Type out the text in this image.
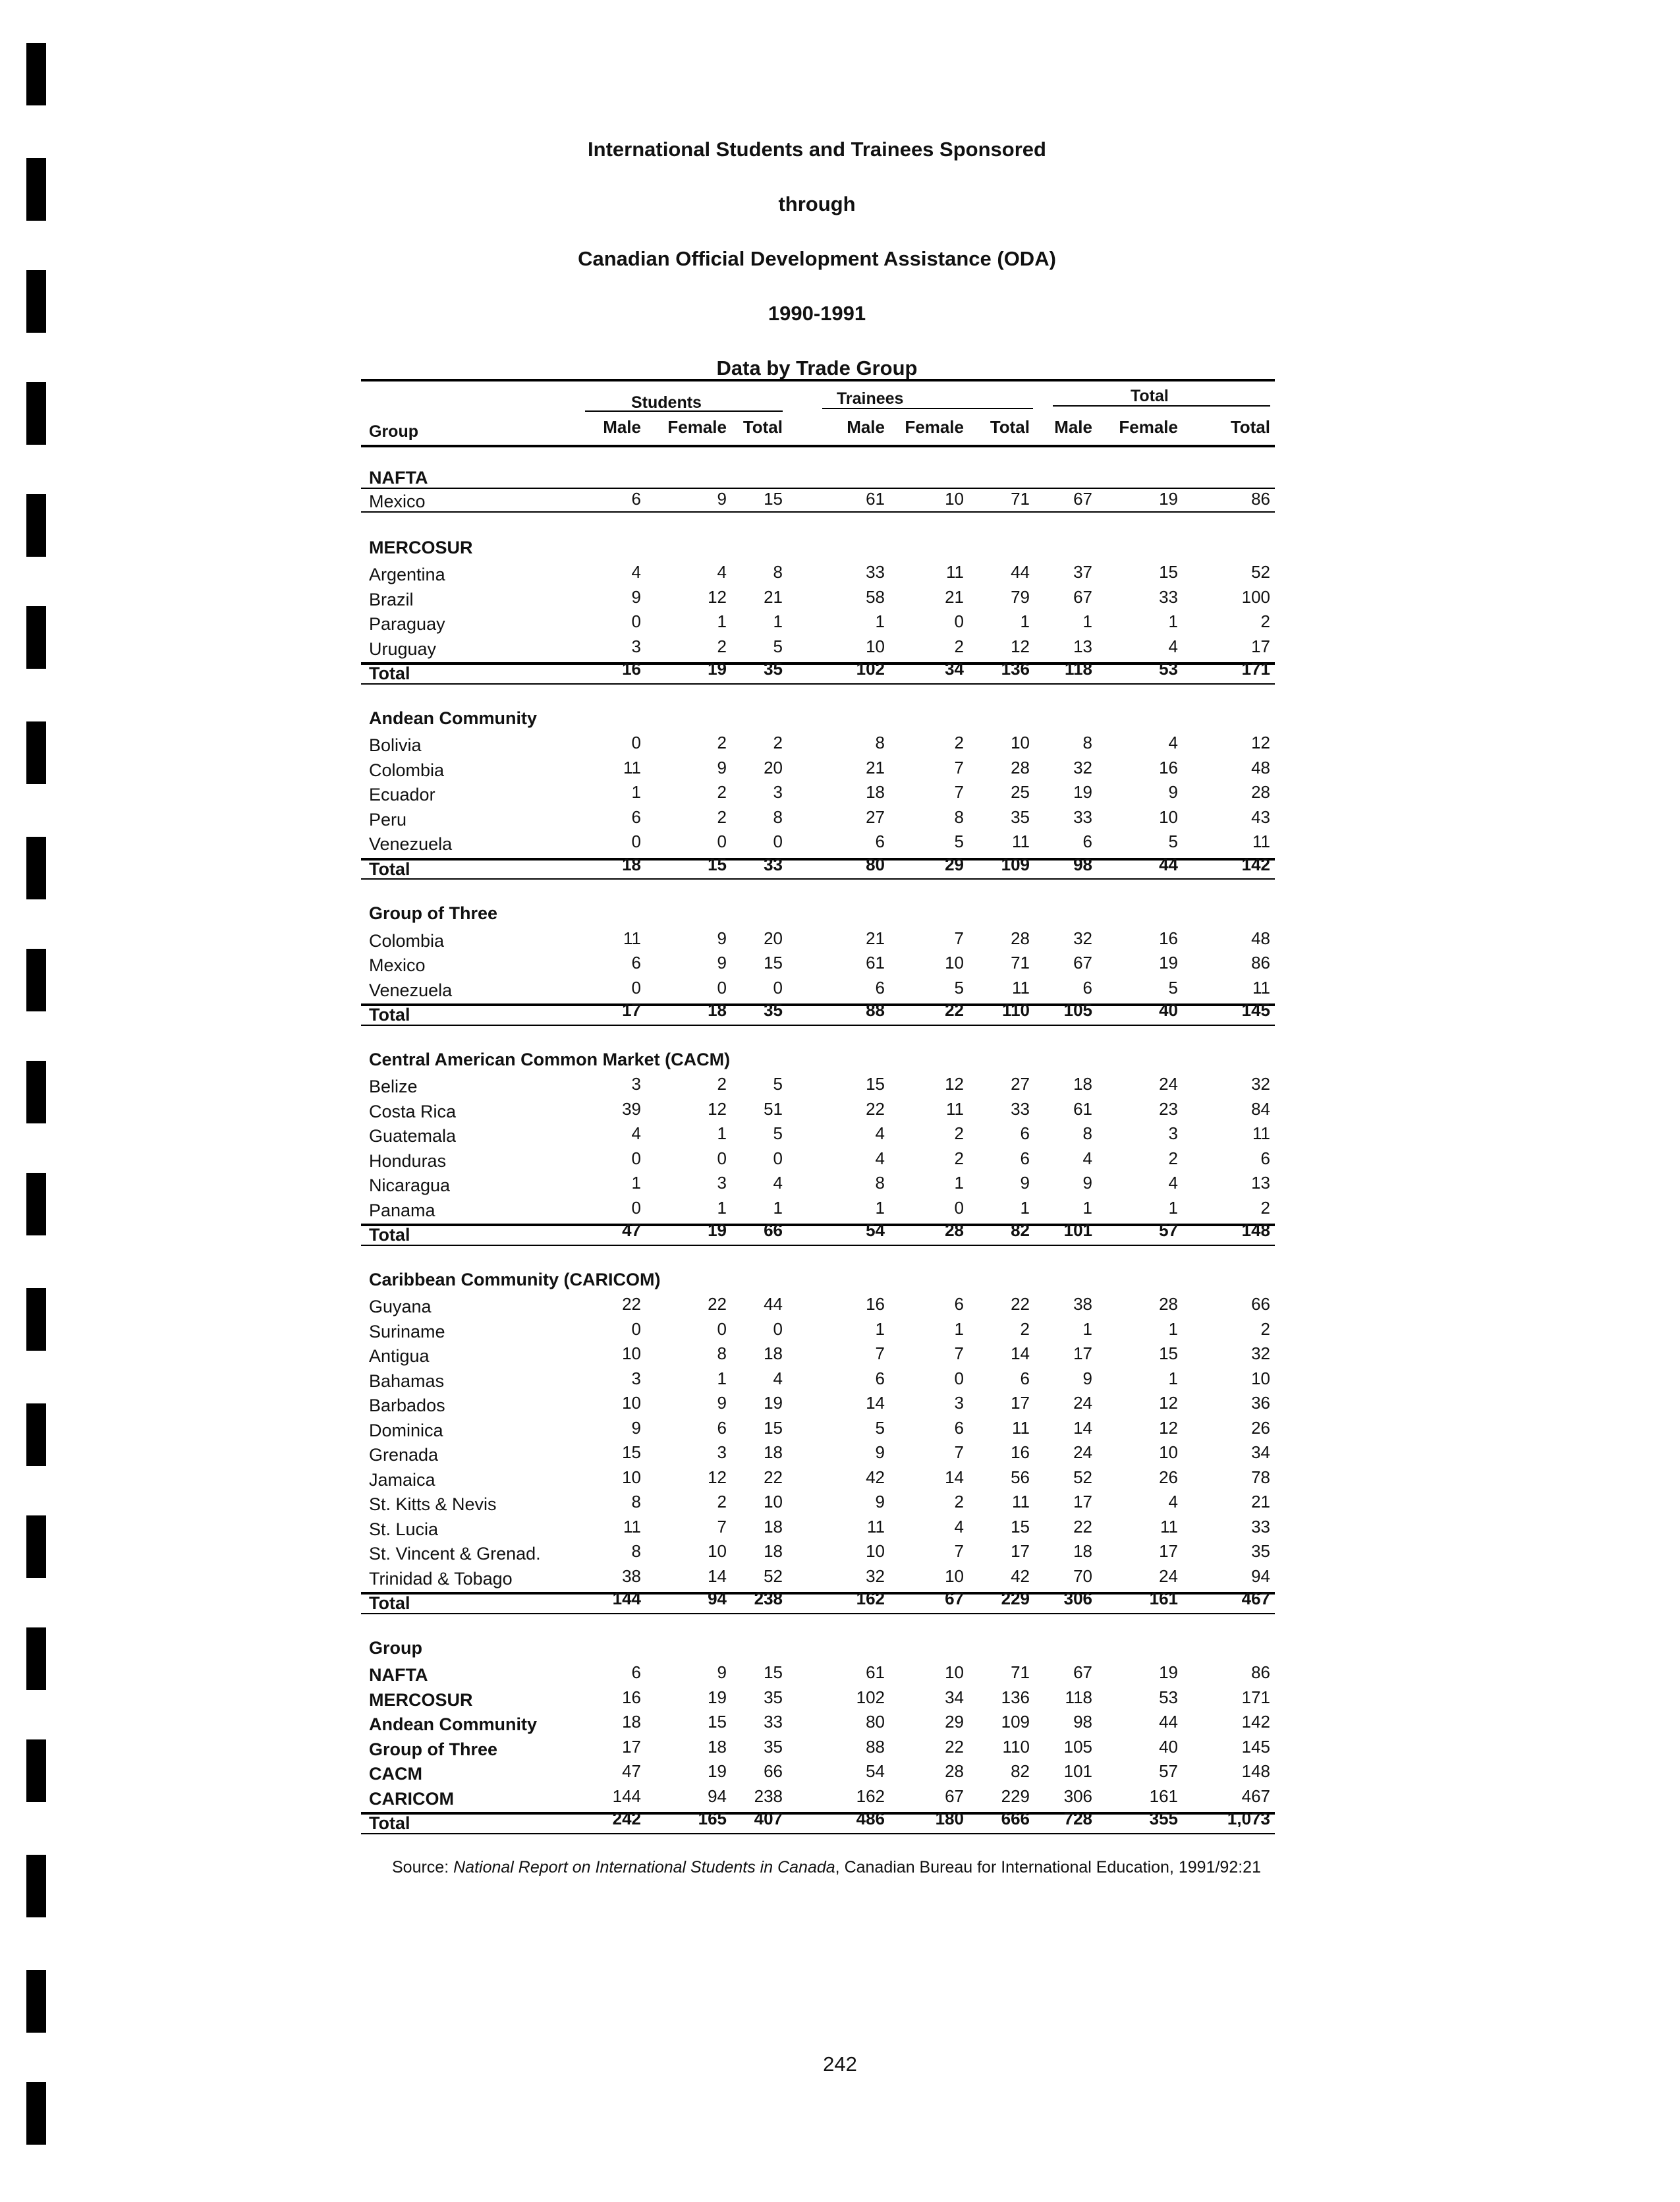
International Students and Trainees Sponsored
through
Canadian Official Development Assistance (ODA)
1990-1991
Data by Trade Group
Students	Trainees	Total
Group	Male Female Total	Male Female	Total	Male Female	Total
NAFTA
Mexico	6	9	15	61	10	71	67	19	86
MERCOSUR
Argentina	4	4	8	33	11	44	37	15	52
Brazil	9	12	21	58	21	79	67	33	100
Paraguay	0	1	1	1	0	1	1	1	2
Uruguay	3	2	5	10	2	12	13	4	17
Total	16	19	35	102	34	136	118	53	171
Andean Community
Bolivia	0	2	2	8	2	10	8	4	12
Colombia	11	9	20	21	7	28	32	16	48
Ecuador	1	2	3	18	7	25	19	9	28
Peru	6	2	8	27	8	35	33	10	43
Venezuela	0	0	0	6	5	11	6	5	11
Total	18	15	33	80	29	109	98	44	142
Group of Three
Colombia	11	9	20	21	7	28	32	16	48
Mexico	6	9	15	61	10	71	67	19	86
Venezuela	0	0	0	6	5	11	6	5	11
Total	17	18	35	88	22	110	105	40	145
Central American Common Market (CACM)
Belize	3	2	5	15	12	27	18	24	32
Costa Rica	39	12	51	22	11	33	61	23	84
Guatemala	4	1	5	4	2	6	8	3	11
Honduras	0	0	0	4	2	6	4	2	6
Nicaragua	1	3	4	8	1	9	9	4	13
Panama	0	1	1	1	0	1	1	1	2
Total	47	19	66	54	28	82	101	57	148
Caribbean Community (CARICOM)
Guyana	22	22	44	16	6	22	38	28	66
Suriname	0	0	0	1	1	2	1	1	2
Antigua	10	8	18	7	7	14	17	15	32
Bahamas	3	1	4	6	0	6	9	1	10
Barbados	10	9	19	14	3	17	24	12	36
Dominica	9	6	15	5	6	11	14	12	26
Grenada	15	3	18	9	7	16	24	10	34
Jamaica	10	12	22	42	14	56	52	26	78
St. Kitts & Nevis	8	2	10	9	2	11	17	4	21
St. Lucia	11	7	18	11	4	15	22	11	33
St. Vincent & Grenad.	8	10	18	10	7	17	18	17	35
Trinidad & Tobago	38	14	52	32	10	42	70	24	94
Total	144	94	238	162	67	229	306	161	467
Group
NAFTA	6	9	15	61	10	71	67	19	86
MERCOSUR	16	19	35	102	34	136	118	53	171
Andean Community	18	15	33	80	29	109	98	44	142
Group of Three	17	18	35	88	22	110	105	40	145
CACM	47	19	66	54	28	82	101	57	148
CARICOM	144	94	238	162	67	229	306	161	467
Total	242	165	407	486	180	666	728	355	1,073
Source: National Report on International Students in Canada, Canadian Bureau for International Education, 1991/92:21
242
